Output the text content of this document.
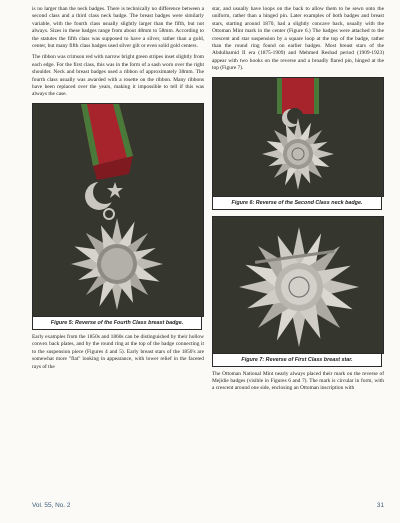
is no larger than the neck badges. There is technically no difference between a second class and a third class neck badge. The breast badges were similarly variable, with the fourth class usually slightly larger than the fifth, but not always. Sizes in these badges range from about 48mm to 58mm. According to the statutes the fifth class was supposed to have a silver, rather than a gold, center, but many fifth class badges used silver gilt or even solid gold centers.

The ribbon was crimson red with narrow bright green stripes inset slightly from each edge. For the first class, this was in the form of a sash worn over the right shoulder. Neck and breast badges used a ribbon of approximately 38mm. The fourth class usually was awarded with a rosette on the ribbon. Many ribbons have been replaced over the years, making it impossible to tell if this was always the case.

Figure 5: Reverse of the Fourth Class breast badge.

Early examples from the 1850s and 1860s can be distinguished by their hollow convex back plates, and by the round ring at the top of the badge connecting it to the suspension piece (Figures 4 and 5). Early breast stars of the 1850's are somewhat more "flat" looking in appearance, with lower relief in the faceted rays of the

star, and usually have loops on the back to allow them to be sewn onto the uniform, rather than a hinged pin. Later examples of both badges and breast stars, starting around 1870, had a slightly concave back, usually with the Ottoman Mint mark in the center (Figure 6.) The badges were attached to the crescent and star suspension by a square loop at the top of the badge, rather than the round ring found on earlier badges. Most breast stars of the Abdulhamid II era (1875-1909) and Mehmed Reshad period (1909-1923) appear with two hooks on the reverse and a broadly flared pin, hinged at the top (Figure 7).

Figure 6: Reverse of the Second Class neck badge.
Figure 7: Reverse of First Class breast star.

The Ottoman National Mint nearly always placed their mark on the reverse of Mejidie badges (visible in Figures 6 and 7). The mark is circular in form, with a crescent around one side, enclosing an Ottoman inscription with

Vol. 55, No. 2	31
